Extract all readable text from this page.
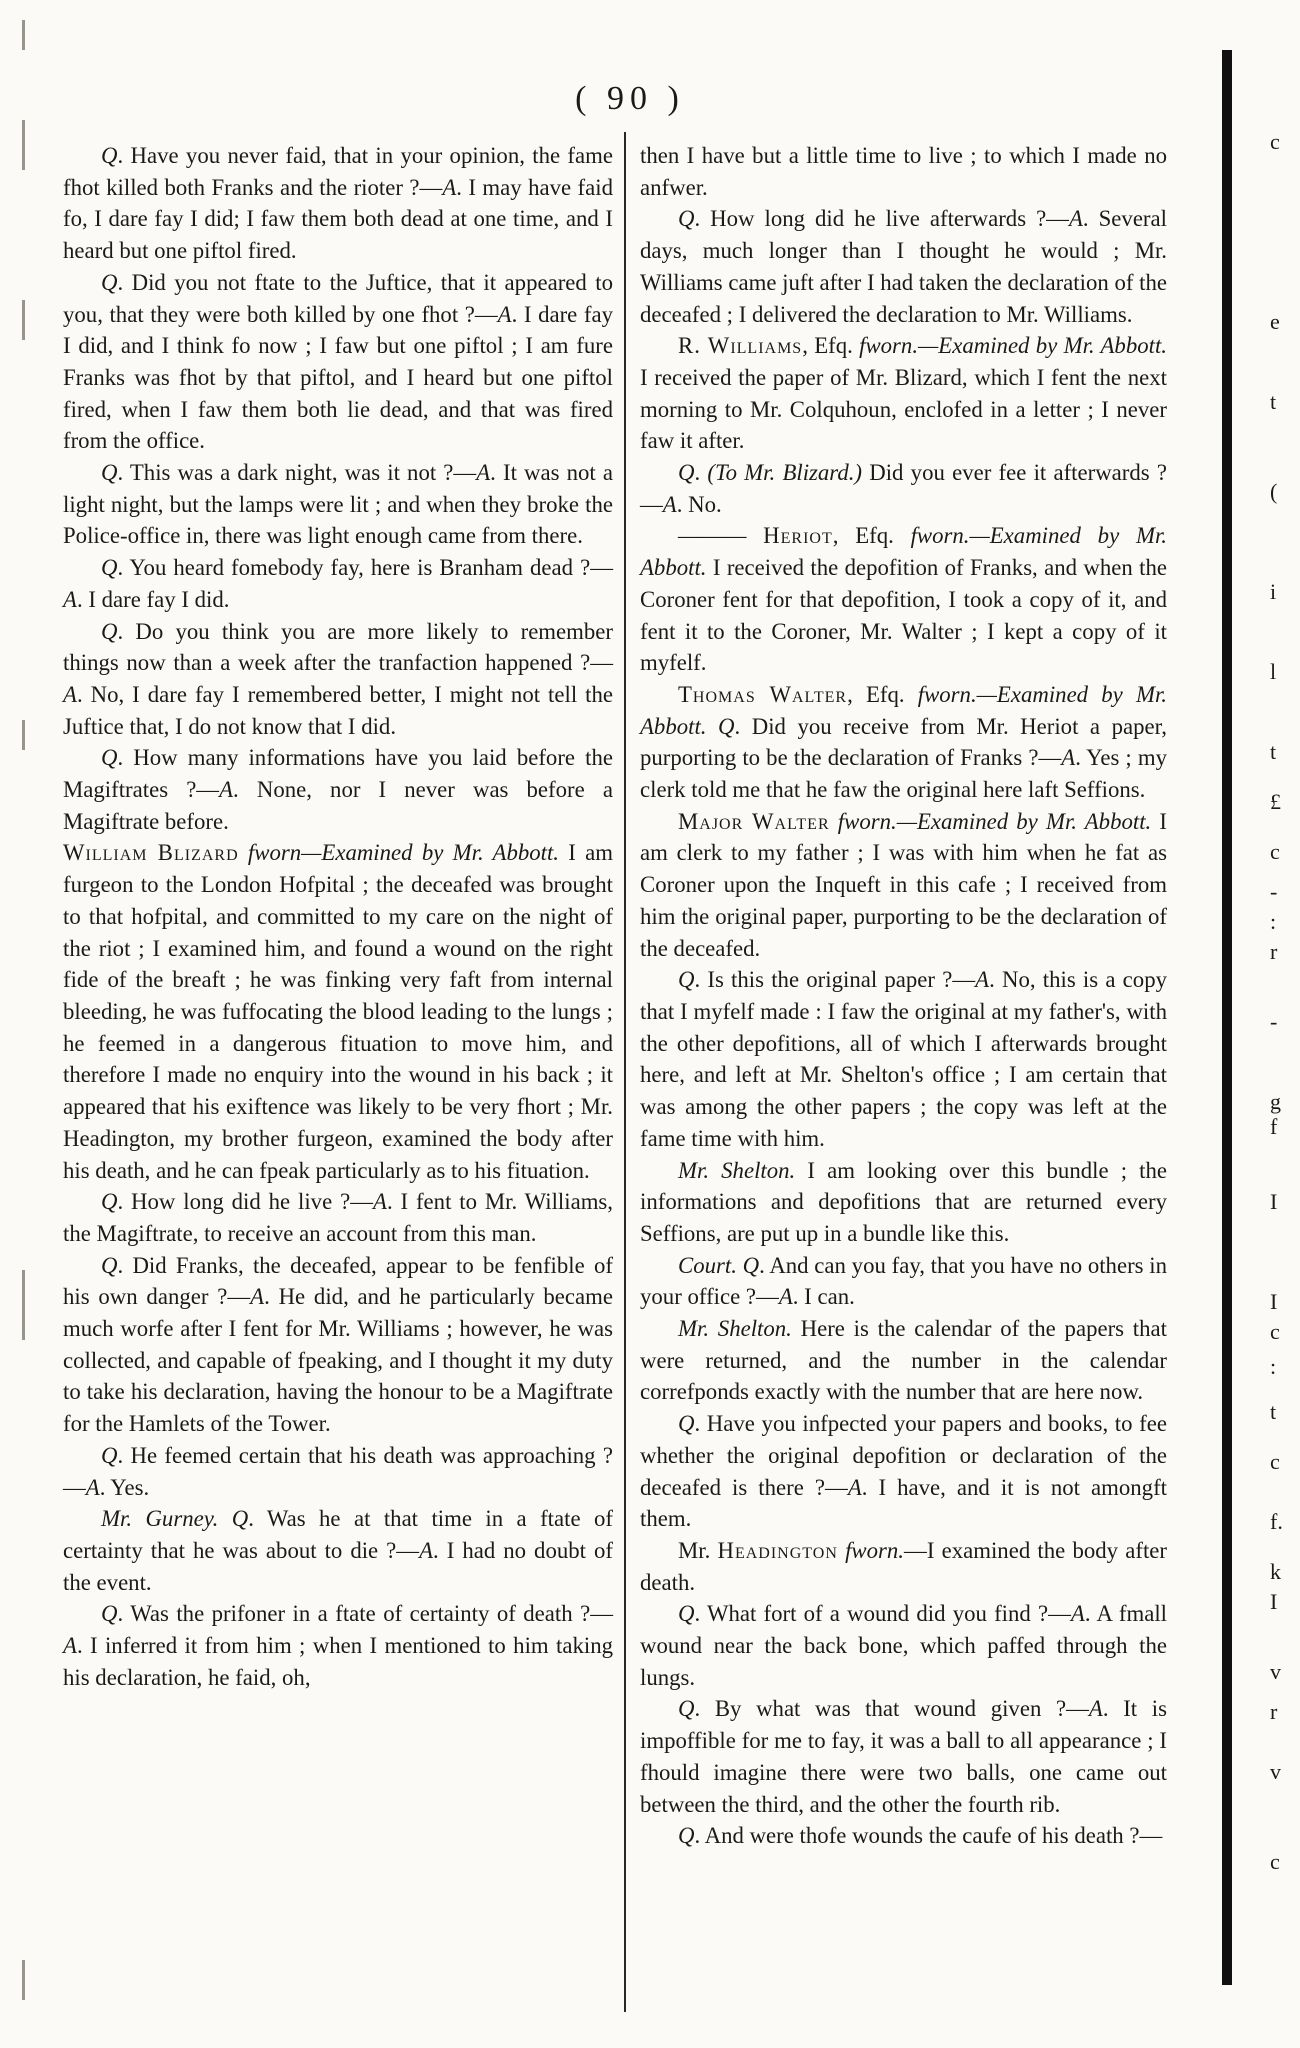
( 90 )

Q. Have you never faid, that in your opinion, the fame fhot killed both Franks and the rioter ?—A. I may have faid fo, I dare fay I did; I faw them both dead at one time, and I heard but one piftol fired.

Q. Did you not ftate to the Juftice, that it appeared to you, that they were both killed by one fhot ?—A. I dare fay I did, and I think fo now ; I faw but one piftol ; I am fure Franks was fhot by that piftol, and I heard but one piftol fired, when I faw them both lie dead, and that was fired from the office.

Q. This was a dark night, was it not ?—A. It was not a light night, but the lamps were lit ; and when they broke the Police-office in, there was light enough came from there.

Q. You heard fomebody fay, here is Branham dead ?—A. I dare fay I did.

Q. Do you think you are more likely to remember things now than a week after the tranfaction happened ?—A. No, I dare fay I remembered better, I might not tell the Juftice that, I do not know that I did.

Q. How many informations have you laid before the Magiftrates ?—A. None, nor I never was before a Magiftrate before.

William Blizard fworn—Examined by Mr. Abbott. I am furgeon to the London Hofpital ; the deceafed was brought to that hofpital, and committed to my care on the night of the riot ; I examined him, and found a wound on the right fide of the breaft ; he was finking very faft from internal bleeding, he was fuffocating the blood leading to the lungs ; he feemed in a dangerous fituation to move him, and therefore I made no enquiry into the wound in his back ; it appeared that his exiftence was likely to be very fhort ; Mr. Headington, my brother furgeon, examined the body after his death, and he can fpeak particularly as to his fituation.

Q. How long did he live ?—A. I fent to Mr. Williams, the Magiftrate, to receive an account from this man.

Q. Did Franks, the deceafed, appear to be fenfible of his own danger ?—A. He did, and he particularly became much worfe after I fent for Mr. Williams ; however, he was collected, and capable of fpeaking, and I thought it my duty to take his declaration, having the honour to be a Magiftrate for the Hamlets of the Tower.

Q. He feemed certain that his death was approaching ?—A. Yes.

Mr. Gurney. Q. Was he at that time in a ftate of certainty that he was about to die ?—A. I had no doubt of the event.

Q. Was the prifoner in a ftate of certainty of death ?—A. I inferred it from him ; when I mentioned to him taking his declaration, he faid, oh,

then I have but a little time to live ; to which I made no anfwer.

Q. How long did he live afterwards ?—A. Several days, much longer than I thought he would ; Mr. Williams came juft after I had taken the declaration of the deceafed ; I delivered the declaration to Mr. Williams.

R. Williams, Efq. fworn.—Examined by Mr. Abbott. I received the paper of Mr. Blizard, which I fent the next morning to Mr. Colquhoun, enclofed in a letter ; I never faw it after.

Q. (To Mr. Blizard.) Did you ever fee it afterwards ?—A. No.

——— Heriot, Efq. fworn.—Examined by Mr. Abbott. I received the depofition of Franks, and when the Coroner fent for that depofition, I took a copy of it, and fent it to the Coroner, Mr. Walter ; I kept a copy of it myfelf.

Thomas Walter, Efq. fworn.—Examined by Mr. Abbott. Q. Did you receive from Mr. Heriot a paper, purporting to be the declaration of Franks ?—A. Yes ; my clerk told me that he faw the original here laft Seffions.

Major Walter fworn.—Examined by Mr. Abbott. I am clerk to my father ; I was with him when he fat as Coroner upon the Inqueft in this cafe ; I received from him the original paper, purporting to be the declaration of the deceafed.

Q. Is this the original paper ?—A. No, this is a copy that I myfelf made : I faw the original at my father's, with the other depofitions, all of which I afterwards brought here, and left at Mr. Shelton's office ; I am certain that was among the other papers ; the copy was left at the fame time with him.

Mr. Shelton. I am looking over this bundle ; the informations and depofitions that are returned every Seffions, are put up in a bundle like this.

Court. Q. And can you fay, that you have no others in your office ?—A. I can.

Mr. Shelton. Here is the calendar of the papers that were returned, and the number in the calendar correfponds exactly with the number that are here now.

Q. Have you infpected your papers and books, to fee whether the original depofition or declaration of the deceafed is there ?—A. I have, and it is not amongft them.

Mr. Headington fworn.—I examined the body after death.

Q. What fort of a wound did you find ?—A. A fmall wound near the back bone, which paffed through the lungs.

Q. By what was that wound given ?—A. It is impoffible for me to fay, it was a ball to all appearance ; I fhould imagine there were two balls, one came out between the third, and the other the fourth rib.

Q. And were thofe wounds the caufe of his death ?—

c
e
t
(
i
l
t
£
c
-
:
r
-
g
f
I
I
c
:
t
c
f.
k
I
v
r
v
c
